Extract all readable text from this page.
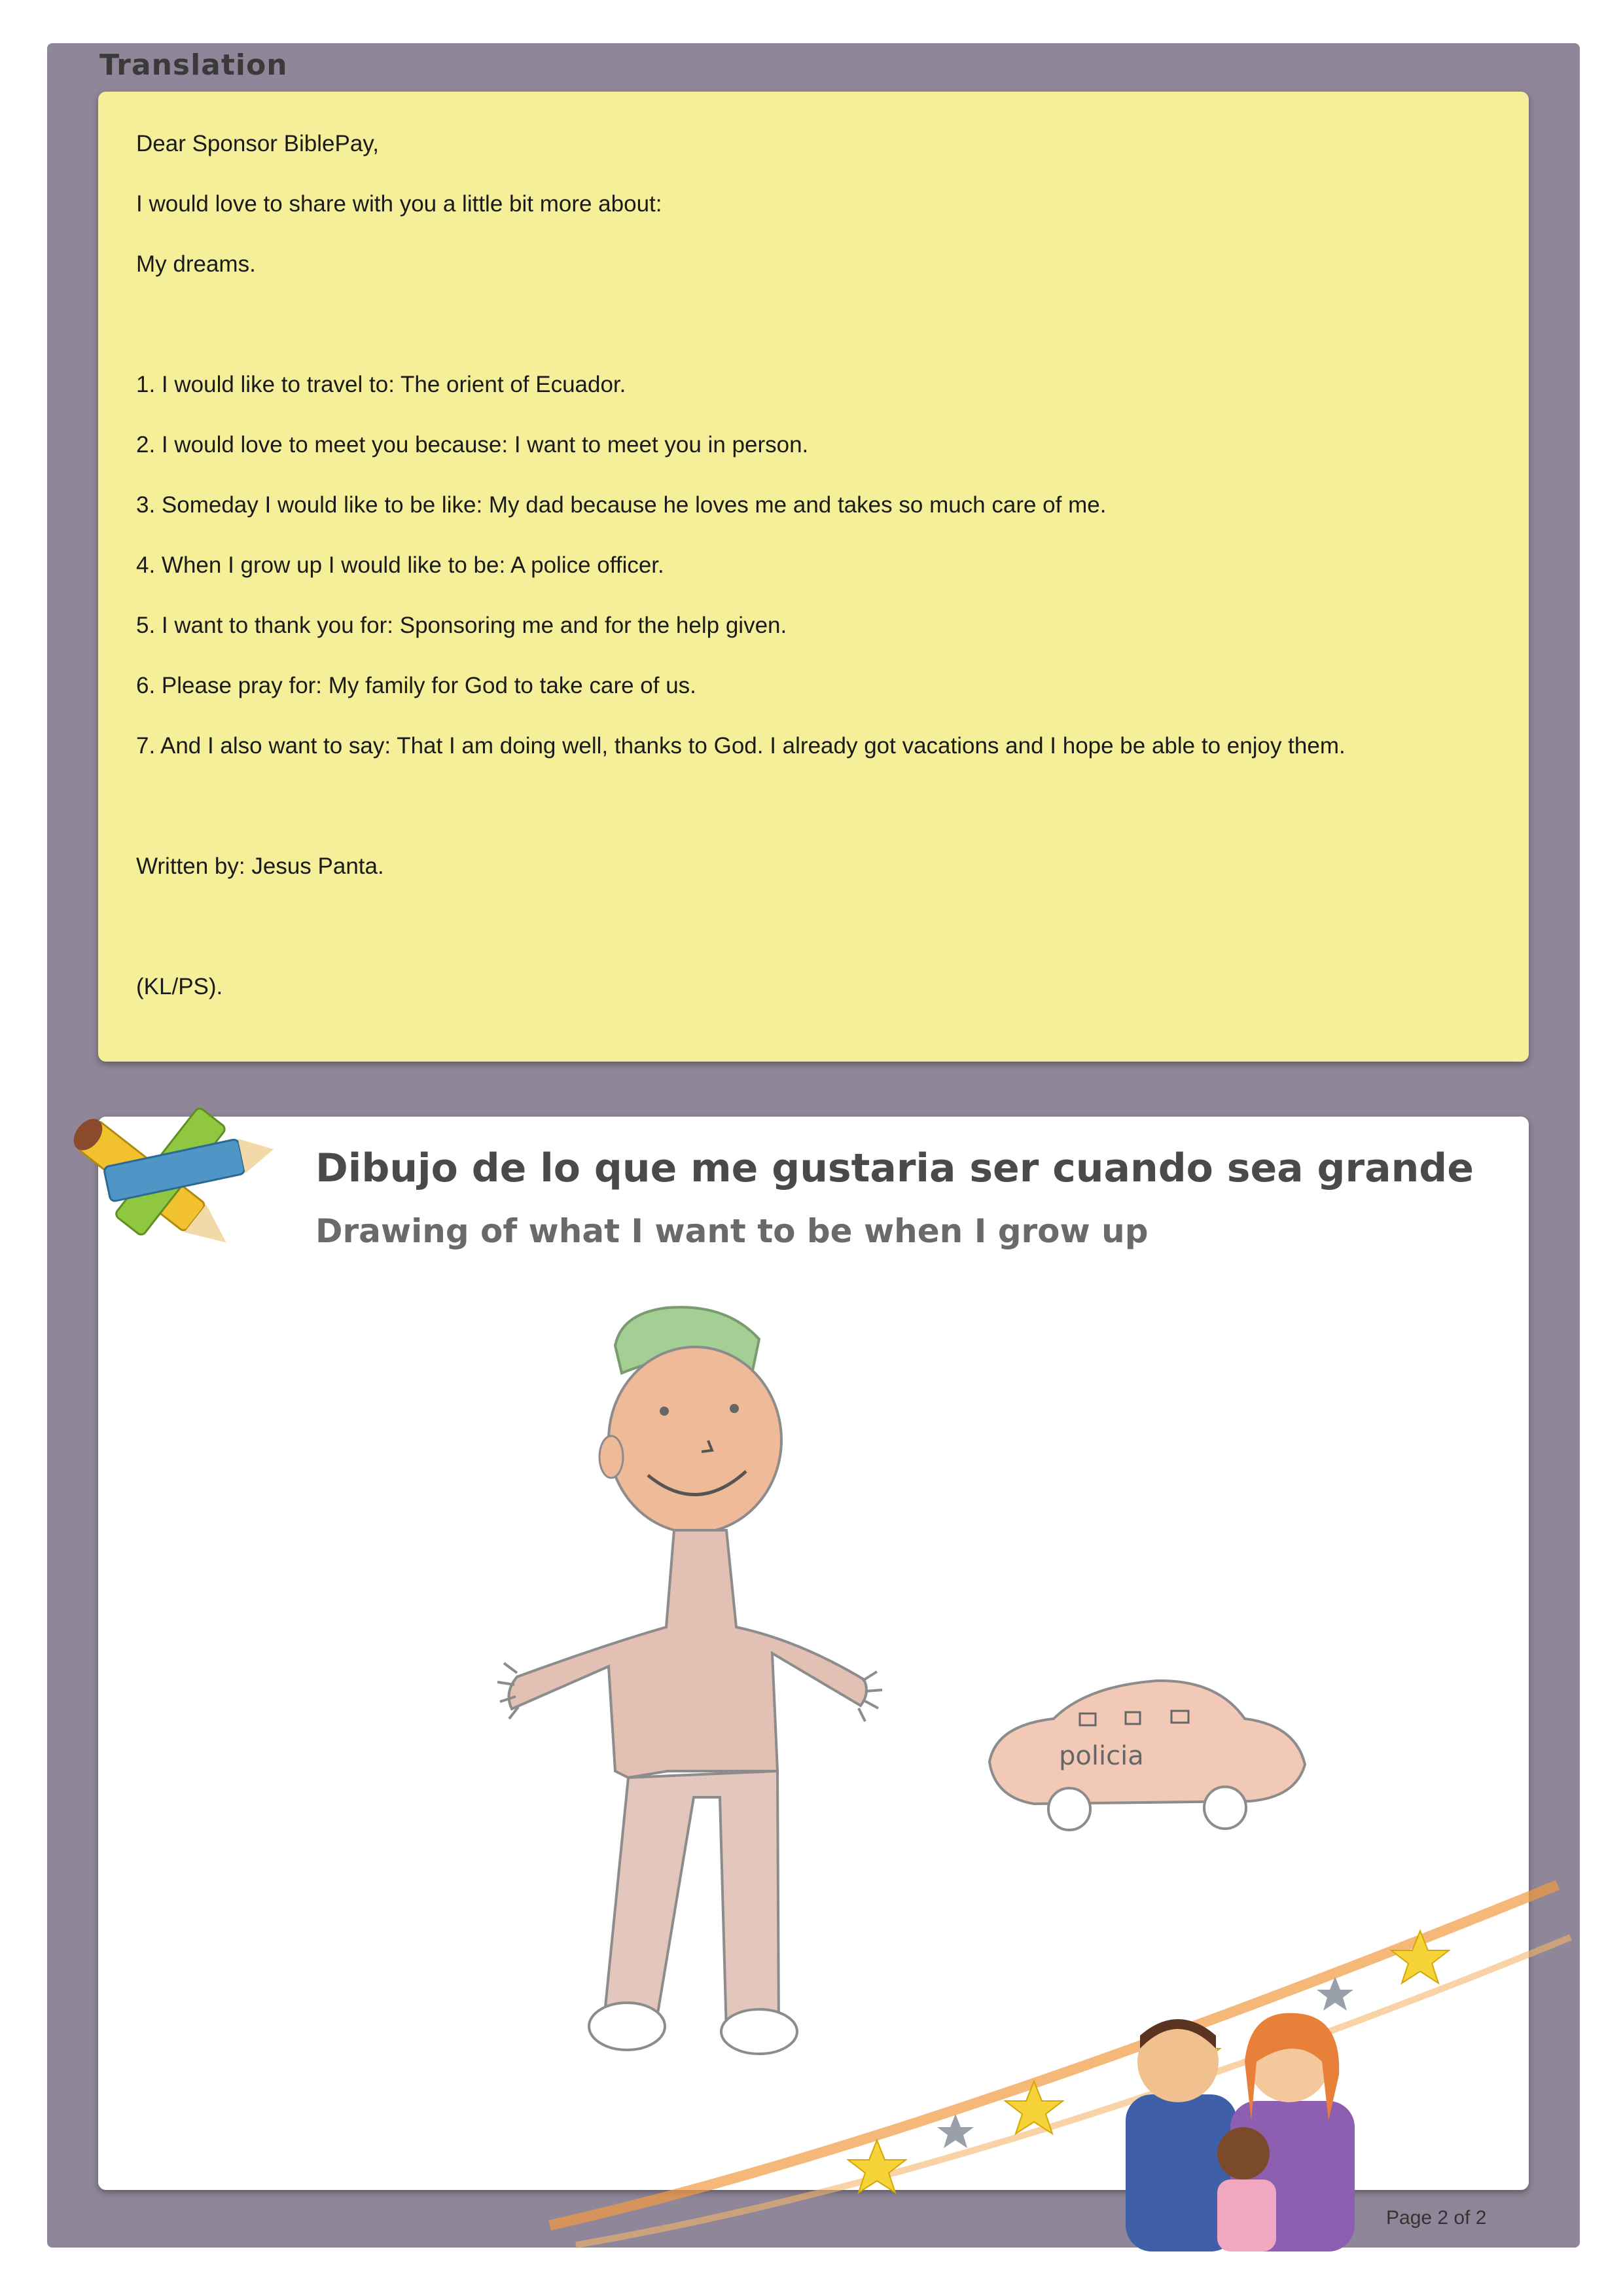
Translation

Dear Sponsor BiblePay,

I would love to share with you a little bit more about:

My dreams.

1. I would like to travel to: The orient of Ecuador.

2. I would love to meet you because: I want to meet you in person.

3. Someday I would like to be like: My dad because he loves me and takes so much care of me.

4. When I grow up I would like to be: A police officer.

5. I want to thank you for: Sponsoring me and for the help given.

6. Please pray for: My family for God to take care of us.

7. And I also want to say: That I am doing well, thanks to God. I already got vacations and I hope be able to enjoy them.

Written by: Jesus Panta.

(KL/PS).

policia
Dibujo de lo que me gustaria ser cuando sea grande
Drawing of what I want to be when I grow up

Page 2 of 2
